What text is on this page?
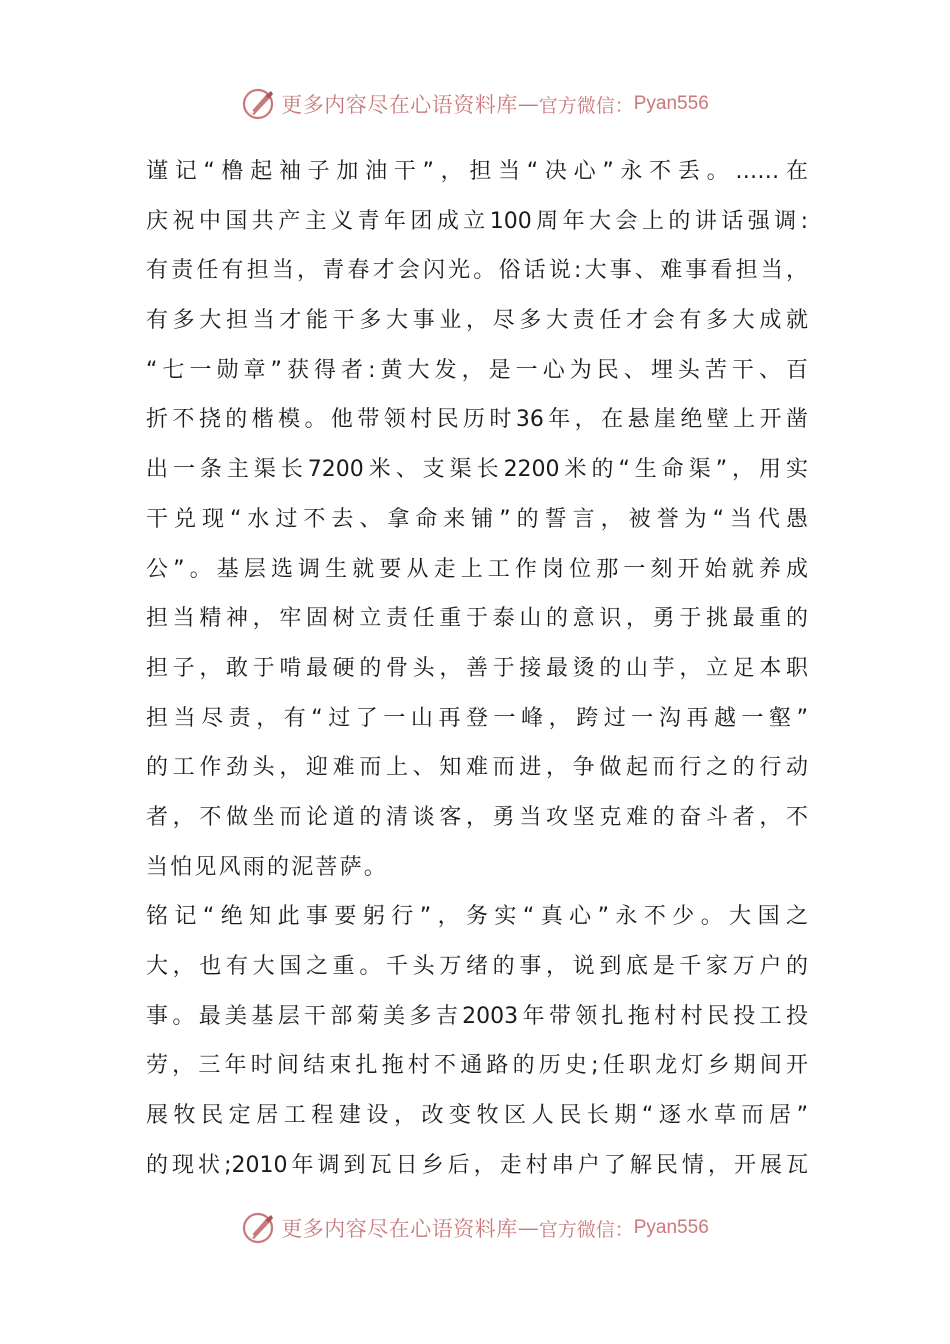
更多内容尽在心语资料库 — 官方微信： Pyan556
谨记“橹起袖子加油干”，担当“决心”永不丢。……在
庆祝中国共产主义青年团成立100周年大会上的讲话强调:
有责任有担当，青春才会闪光。俗话说:大事、难事看担当，
有多大担当才能干多大事业，尽多大责任才会有多大成就
“七一勋章”获得者:黄大发，是一心为民、埋头苦干、百
折不挠的楷模。他带领村民历时36年，在悬崖绝壁上开凿
出一条主渠长7200米、支渠长2200米的“生命渠”，用实
干兑现“水过不去、拿命来铺”的誓言，被誉为“当代愚
公”。基层选调生就要从走上工作岗位那一刻开始就养成
担当精神，牢固树立责任重于泰山的意识，勇于挑最重的
担子，敢于啃最硬的骨头，善于接最烫的山芋，立足本职
担当尽责，有“过了一山再登一峰，跨过一沟再越一壑”
的工作劲头，迎难而上、知难而进，争做起而行之的行动
者，不做坐而论道的清谈客，勇当攻坚克难的奋斗者，不
当怕见风雨的泥菩萨。
铭记“绝知此事要躬行”，务实“真心”永不少。大国之
大，也有大国之重。千头万绪的事，说到底是千家万户的
事。最美基层干部菊美多吉2003年带领扎拖村村民投工投
劳，三年时间结束扎拖村不通路的历史;任职龙灯乡期间开
展牧民定居工程建设，改变牧区人民长期“逐水草而居”
的现状;2010年调到瓦日乡后，走村串户了解民情，开展瓦
更多内容尽在心语资料库 — 官方微信： Pyan556
